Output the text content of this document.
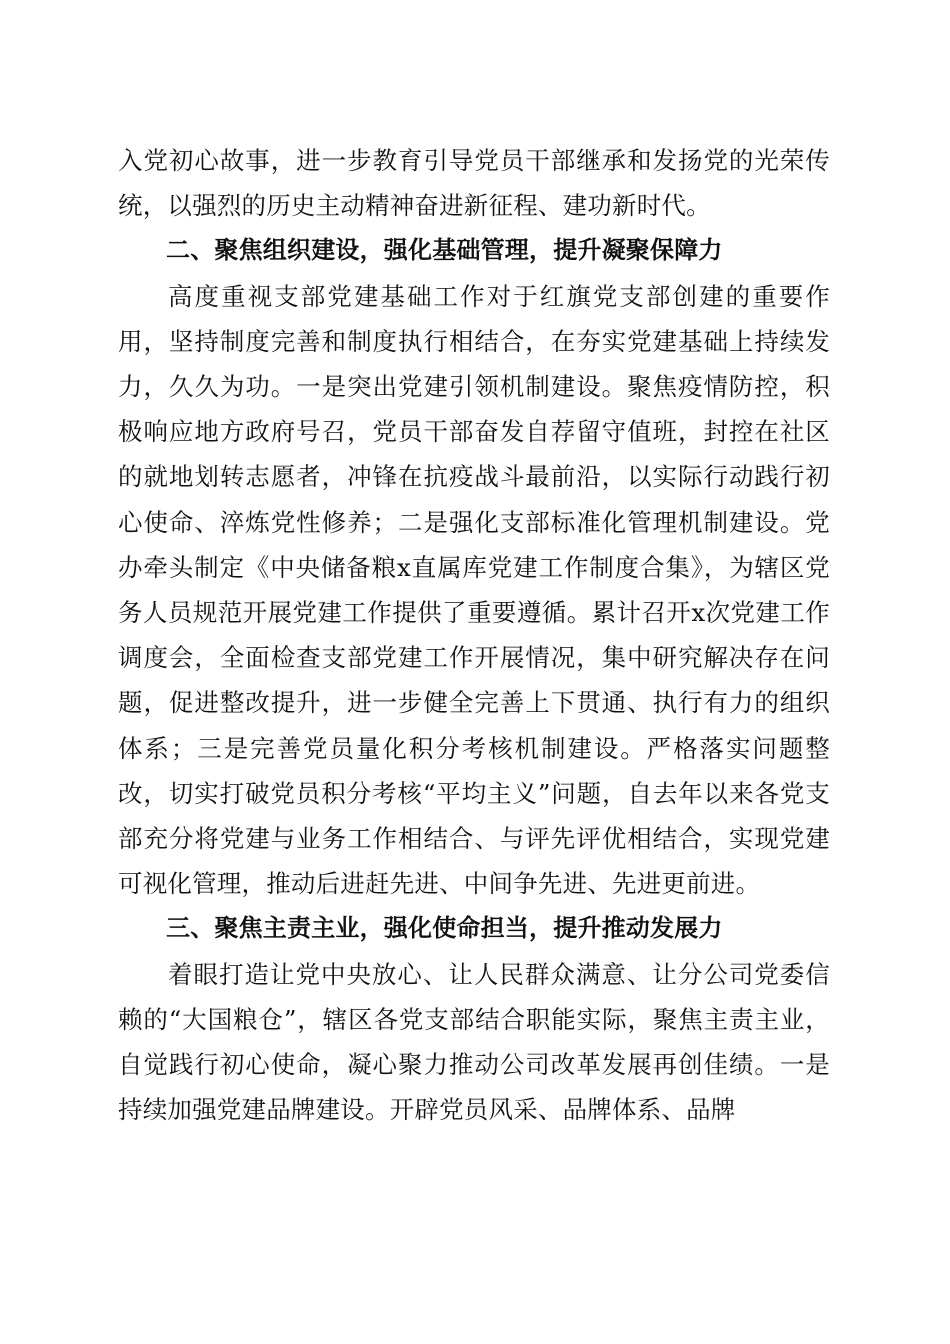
入党初心故事，进一步教育引导党员干部继承和发扬党的光荣传统，以强烈的历史主动精神奋进新征程、建功新时代。

二、聚焦组织建设，强化基础管理，提升凝聚保障力

高度重视支部党建基础工作对于红旗党支部创建的重要作用，坚持制度完善和制度执行相结合，在夯实党建基础上持续发力，久久为功。一是突出党建引领机制建设。聚焦疫情防控，积极响应地方政府号召，党员干部奋发自荐留守值班，封控在社区的就地划转志愿者，冲锋在抗疫战斗最前沿，以实际行动践行初心使命、淬炼党性修养；二是强化支部标准化管理机制建设。党办牵头制定《中央储备粮x直属库党建工作制度合集》，为辖区党务人员规范开展党建工作提供了重要遵循。累计召开x次党建工作调度会，全面检查支部党建工作开展情况，集中研究解决存在问题，促进整改提升，进一步健全完善上下贯通、执行有力的组织体系；三是完善党员量化积分考核机制建设。严格落实问题整改，切实打破党员积分考核“平均主义”问题，自去年以来各党支部充分将党建与业务工作相结合、与评先评优相结合，实现党建可视化管理，推动后进赶先进、中间争先进、先进更前进。

三、聚焦主责主业，强化使命担当，提升推动发展力

着眼打造让党中央放心、让人民群众满意、让分公司党委信赖的“大国粮仓”，辖区各党支部结合职能实际，聚焦主责主业，自觉践行初心使命，凝心聚力推动公司改革发展再创佳绩。一是持续加强党建品牌建设。开辟党员风采、品牌体系、品牌
